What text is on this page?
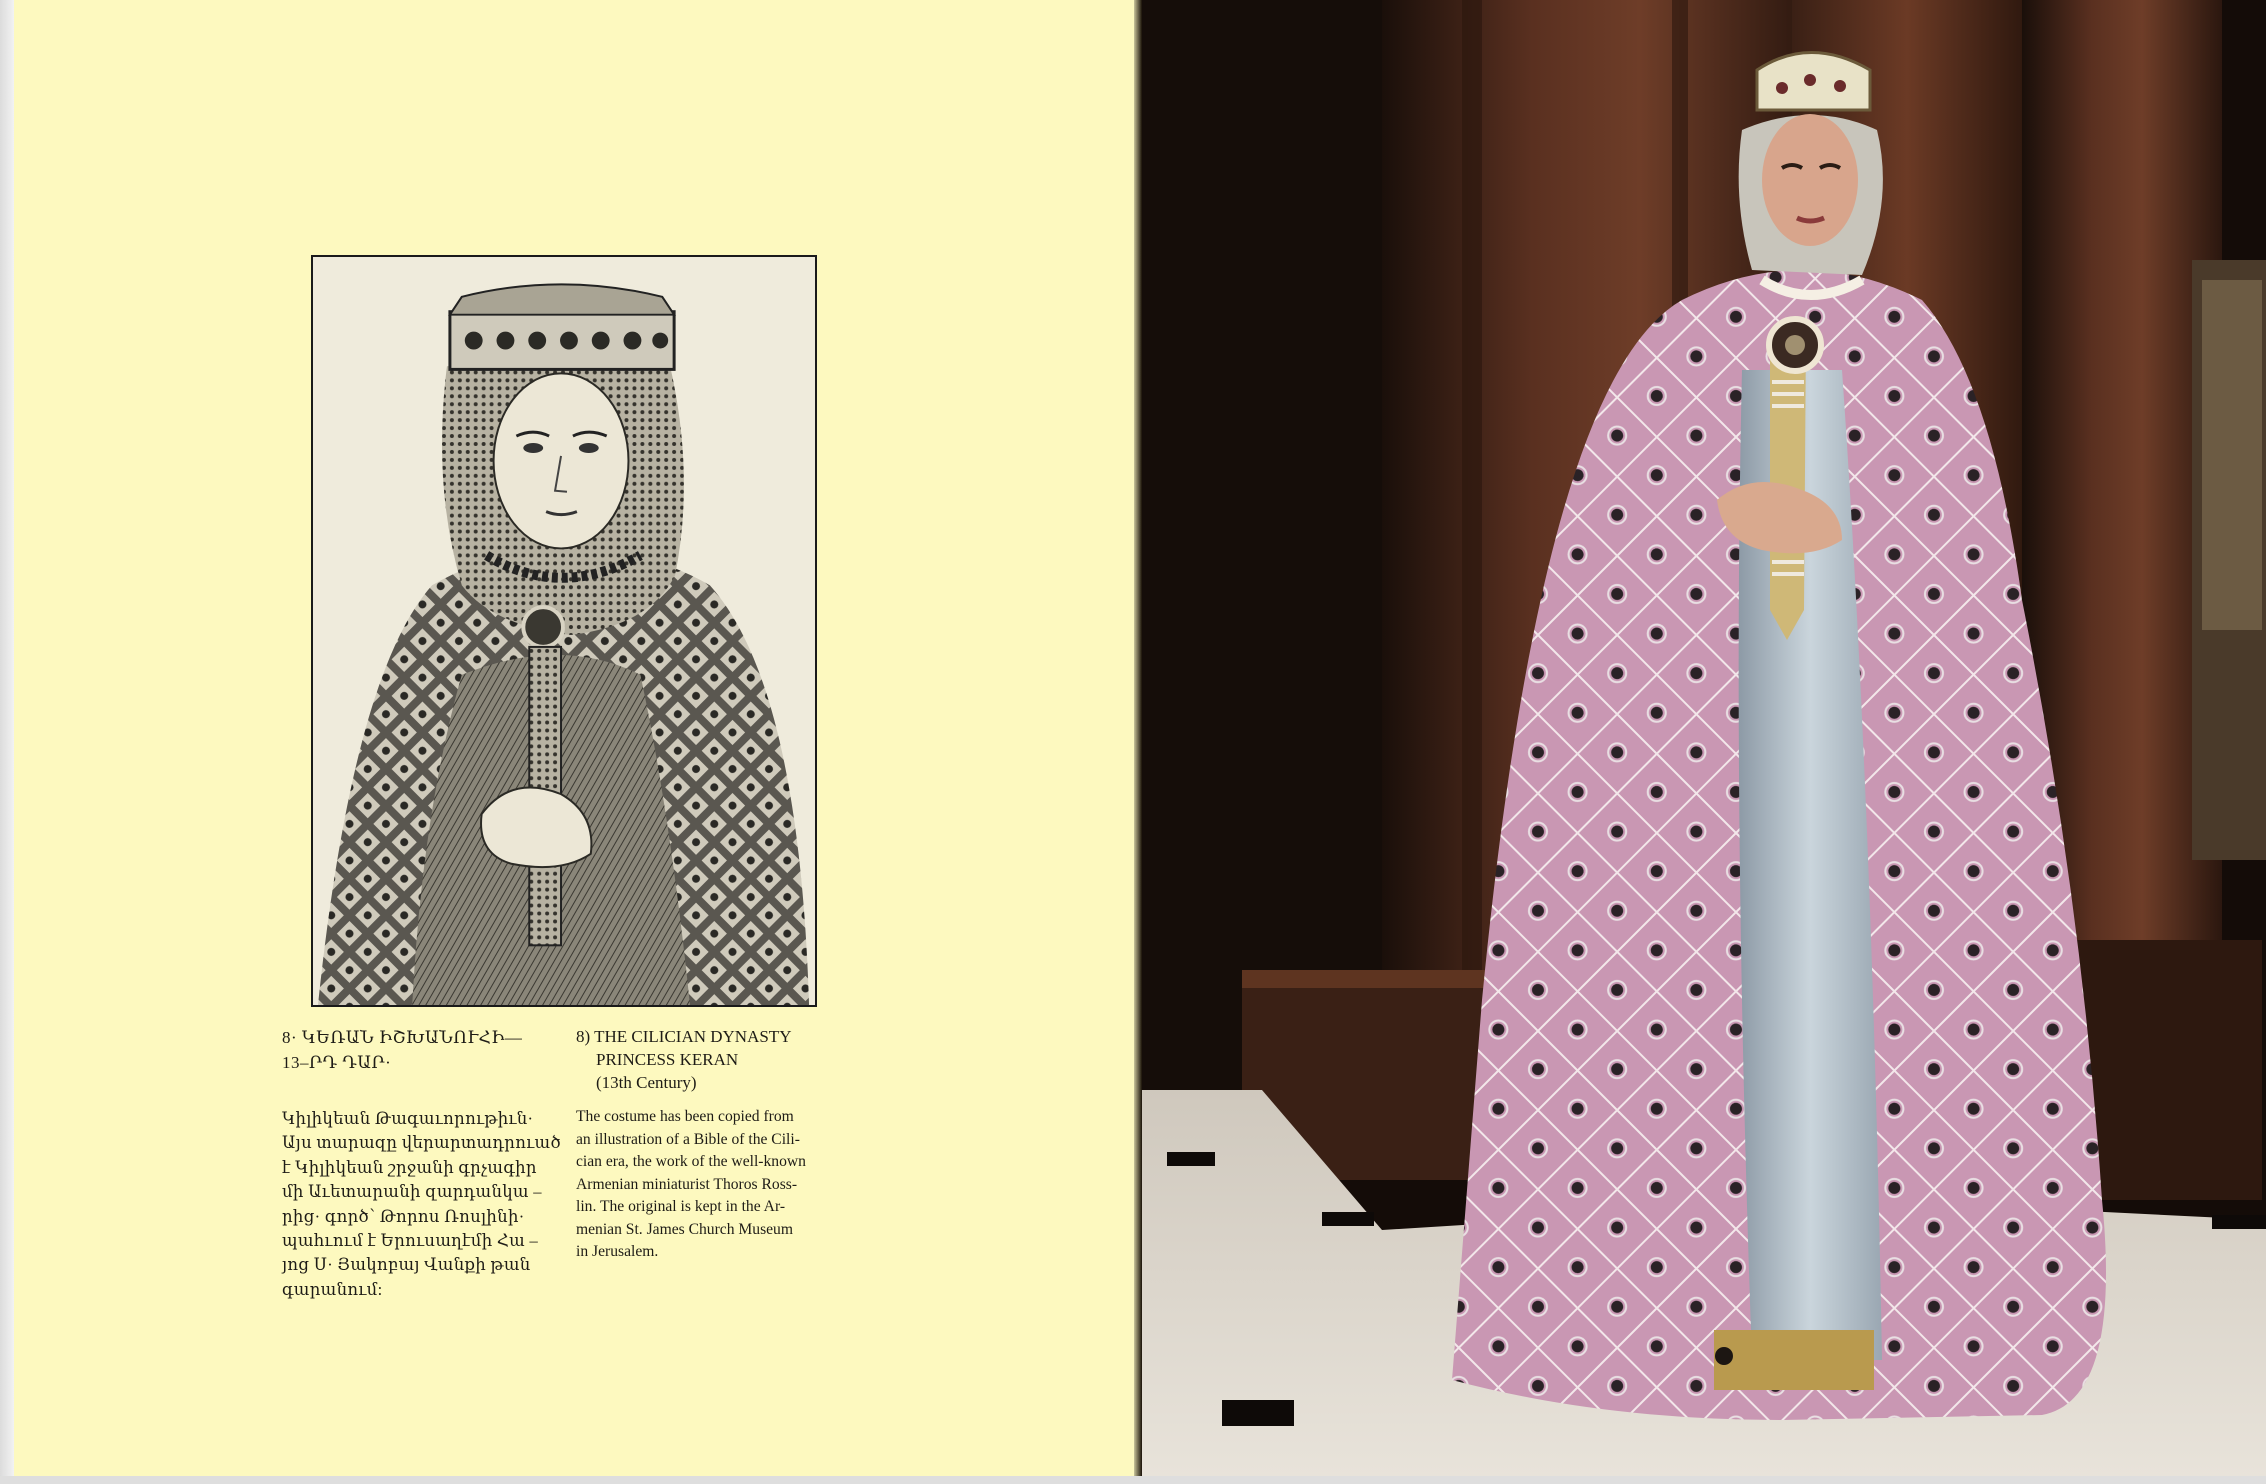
8· ԿԵՌԱՆ ԻՇԽԱՆՈՒՀԻ—
13–ՐԴ ԴԱՐ·
8) THE CILICIAN DYNASTY
PRINCESS KERAN
(13th Century)
Կիլիկեան Թագաւորութիւն·
Այս տարազը վերարտադրուած
է Կիլիկեան շրջանի գրչագիր
մի Աւետարանի զարդանկա –
րից· գործ՝ Թորոս Ռոսլինի·
պահւում է Երուսաղէմի Հա –
յոց Ս· Յակոբայ Վանքի թան
գարանում:
The costume has been copied from
an illustration of a Bible of the Cili-
cian era, the work of the well-known
Armenian miniaturist Thoros Ross-
lin. The original is kept in the Ar-
menian St. James Church Museum
in Jerusalem.
